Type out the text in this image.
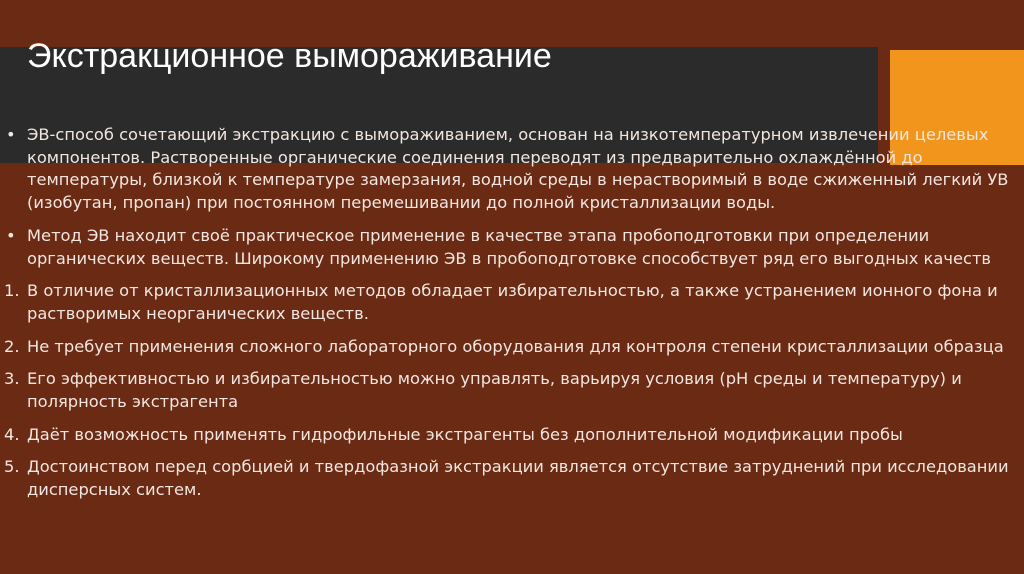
Экстракционное вымораживание
• ЭВ-способ сочетающий экстракцию с вымораживанием, основан на низкотемпературном извлечении целевых компонентов. Растворенные органические соединения переводят из предварительно охлаждённой до температуры, близкой к температуре замерзания, водной среды в нерастворимый в воде сжиженный легкий УВ (изобутан, пропан) при постоянном перемешивании до полной кристаллизации воды.

• Метод ЭВ находит своё практическое применение в качестве этапа пробоподготовки при определении органических веществ. Широкому применению ЭВ в пробоподготовке способствует ряд его выгодных качеств

1. В отличие от кристаллизационных методов обладает избирательностью, а также устранением ионного фона и растворимых неорганических веществ.

2. Не требует применения сложного лабораторного оборудования для контроля степени кристаллизации образца

3. Его эффективностью и избирательностью можно управлять, варьируя условия (рН среды и температуру) и полярность экстрагента

4. Даёт возможность применять гидрофильные экстрагенты без дополнительной модификации пробы

5. Достоинством перед сорбцией и твердофазной экстракции является отсутствие затруднений при исследовании дисперсных систем.
